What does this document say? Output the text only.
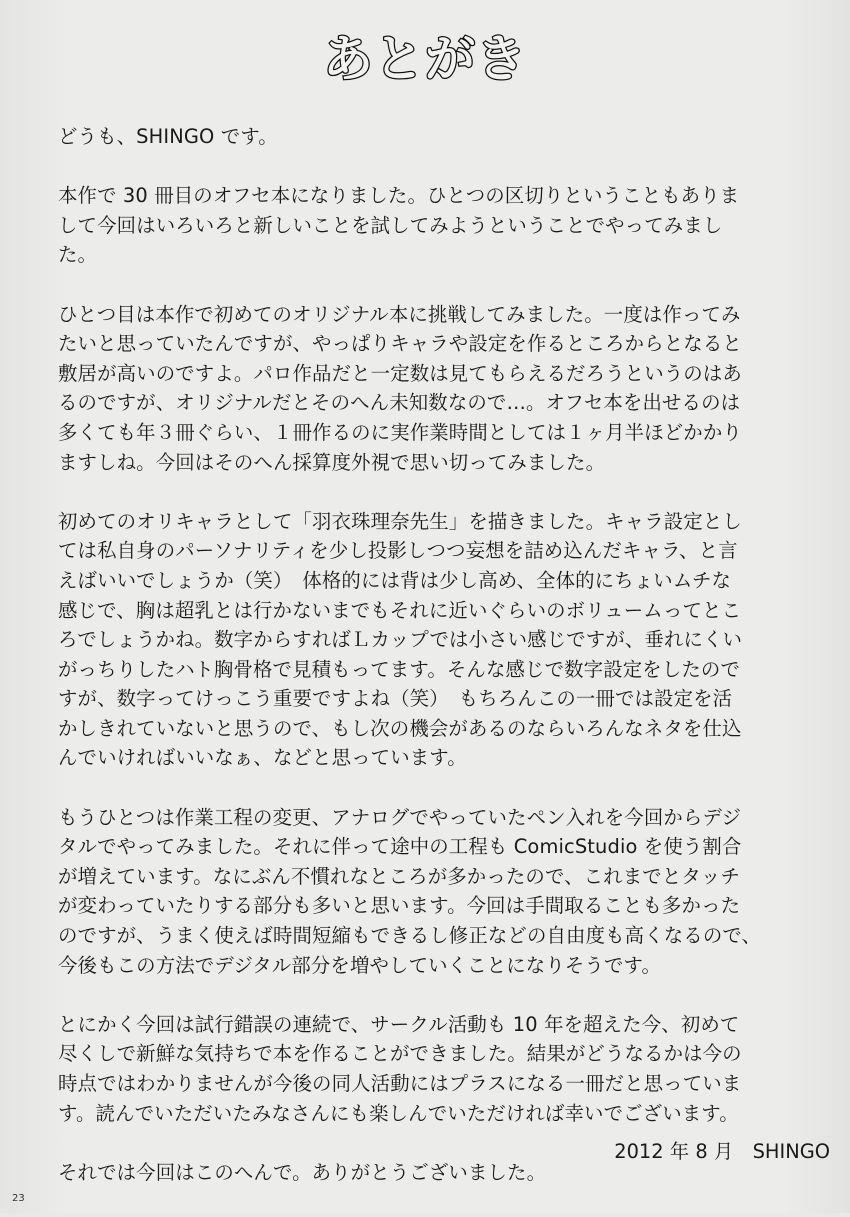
あとがき

どうも、SHINGO です。

本作で 30 冊目のオフセ本になりました。ひとつの区切りということもありま
して今回はいろいろと新しいことを試してみようということでやってみまし
た。

ひとつ目は本作で初めてのオリジナル本に挑戦してみました。一度は作ってみ
たいと思っていたんですが、やっぱりキャラや設定を作るところからとなると
敷居が高いのですよ。パロ作品だと一定数は見てもらえるだろうというのはあ
るのですが、オリジナルだとそのへん未知数なので…。オフセ本を出せるのは
多くても年３冊ぐらい、１冊作るのに実作業時間としては１ヶ月半ほどかかり
ますしね。今回はそのへん採算度外視で思い切ってみました。

初めてのオリキャラとして「羽衣珠理奈先生」を描きました。キャラ設定とし
ては私自身のパーソナリティを少し投影しつつ妄想を詰め込んだキャラ、と言
えばいいでしょうか（笑）　体格的には背は少し高め、全体的にちょいムチな
感じで、胸は超乳とは行かないまでもそれに近いぐらいのボリュームってとこ
ろでしょうかね。数字からすればＬカップでは小さい感じですが、垂れにくい
がっちりしたハト胸骨格で見積もってます。そんな感じで数字設定をしたので
すが、数字ってけっこう重要ですよね（笑）　もちろんこの一冊では設定を活
かしきれていないと思うので、もし次の機会があるのならいろんなネタを仕込
んでいければいいなぁ、などと思っています。

もうひとつは作業工程の変更、アナログでやっていたペン入れを今回からデジ
タルでやってみました。それに伴って途中の工程も ComicStudio を使う割合
が増えています。なにぶん不慣れなところが多かったので、これまでとタッチ
が変わっていたりする部分も多いと思います。今回は手間取ることも多かった
のですが、うまく使えば時間短縮もできるし修正などの自由度も高くなるので、
今後もこの方法でデジタル部分を増やしていくことになりそうです。

とにかく今回は試行錯誤の連続で、サークル活動も 10 年を超えた今、初めて
尽くしで新鮮な気持ちで本を作ることができました。結果がどうなるかは今の
時点ではわかりませんが今後の同人活動にはプラスになる一冊だと思っていま
す。読んでいただいたみなさんにも楽しんでいただければ幸いでございます。

それでは今回はこのへんで。ありがとうございました。

2012 年 8 月　SHINGO
23
